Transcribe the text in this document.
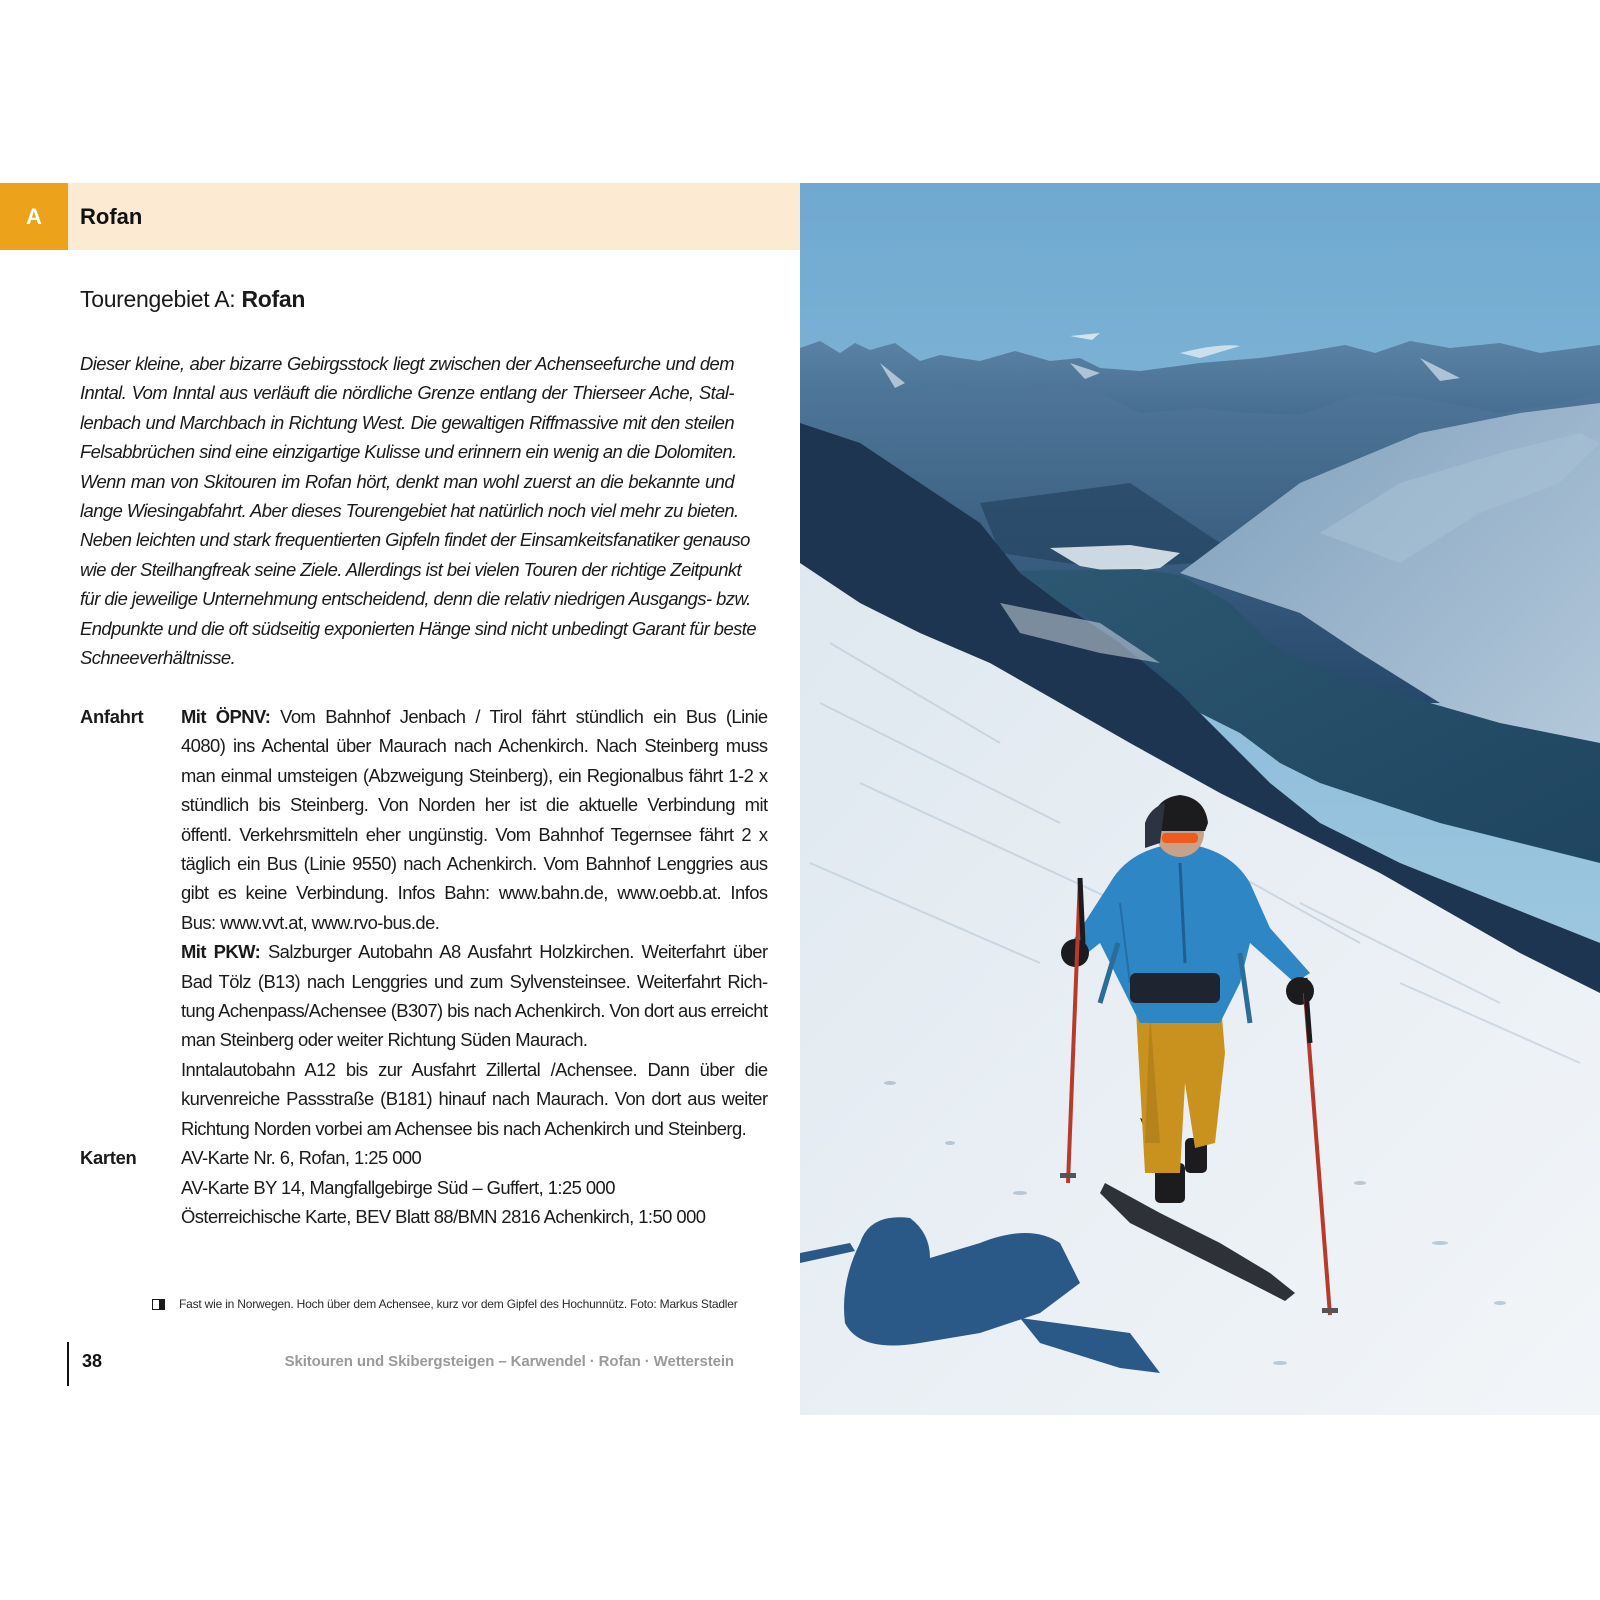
A	Rofan
Tourengebiet A: Rofan
Dieser kleine, aber bizarre Gebirgsstock liegt zwischen der Achenseefurche und dem
Inntal. Vom Inntal aus verläuft die nördliche Grenze entlang der Thierseer Ache, Stal-
lenbach und Marchbach in Richtung West. Die gewaltigen Riffmassive mit den steilen
Felsabbrüchen sind eine einzigartige Kulisse und erinnern ein wenig an die Dolomiten.
Wenn man von Skitouren im Rofan hört, denkt man wohl zuerst an die bekannte und
lange Wiesingabfahrt. Aber dieses Tourengebiet hat natürlich noch viel mehr zu bieten.
Neben leichten und stark frequentierten Gipfeln findet der Einsamkeitsfanatiker genauso
wie der Steilhangfreak seine Ziele. Allerdings ist bei vielen Touren der richtige Zeitpunkt
für die jeweilige Unternehmung entscheidend, denn die relativ niedrigen Ausgangs- bzw.
Endpunkte und die oft südseitig exponierten Hänge sind nicht unbedingt Garant für beste
Schneeverhältnisse.
Anfahrt	Mit ÖPNV: Vom Bahnhof Jenbach / Tirol fährt stündlich ein Bus (Linie
4080) ins Achental über Maurach nach Achenkirch. Nach Steinberg muss
man einmal umsteigen (Abzweigung Steinberg), ein Regionalbus fährt 1-2 x
stündlich bis Steinberg. Von Norden her ist die aktuelle Verbindung mit
öffentl. Verkehrsmitteln eher ungünstig. Vom Bahnhof Tegernsee fährt 2 x
täglich ein Bus (Linie 9550) nach Achenkirch. Vom Bahnhof Lenggries aus
gibt es keine Verbindung. Infos Bahn: www.bahn.de, www.oebb.at. Infos
Bus: www.vvt.at, www.rvo-bus.de.
Mit PKW: Salzburger Autobahn A8 Ausfahrt Holzkirchen. Weiterfahrt über
Bad Tölz (B13) nach Lenggries und zum Sylvensteinsee. Weiterfahrt Rich-
tung Achenpass/Achensee (B307) bis nach Achenkirch. Von dort aus erreicht
man Steinberg oder weiter Richtung Süden Maurach.
Inntalautobahn A12 bis zur Ausfahrt Zillertal /Achensee. Dann über die
kurvenreiche Passstraße (B181) hinauf nach Maurach. Von dort aus weiter
Richtung Norden vorbei am Achensee bis nach Achenkirch und Steinberg.
Karten	AV-Karte Nr. 6, Rofan, 1:25 000
AV-Karte BY 14, Mangfallgebirge Süd – Guffert, 1:25 000
Österreichische Karte, BEV Blatt 88/BMN 2816 Achenkirch, 1:50 000
Fast wie in Norwegen. Hoch über dem Achensee, kurz vor dem Gipfel des Hochunnütz. Foto: Markus Stadler
38	Skitouren und Skibergsteigen – Karwendel · Rofan · Wetterstein
